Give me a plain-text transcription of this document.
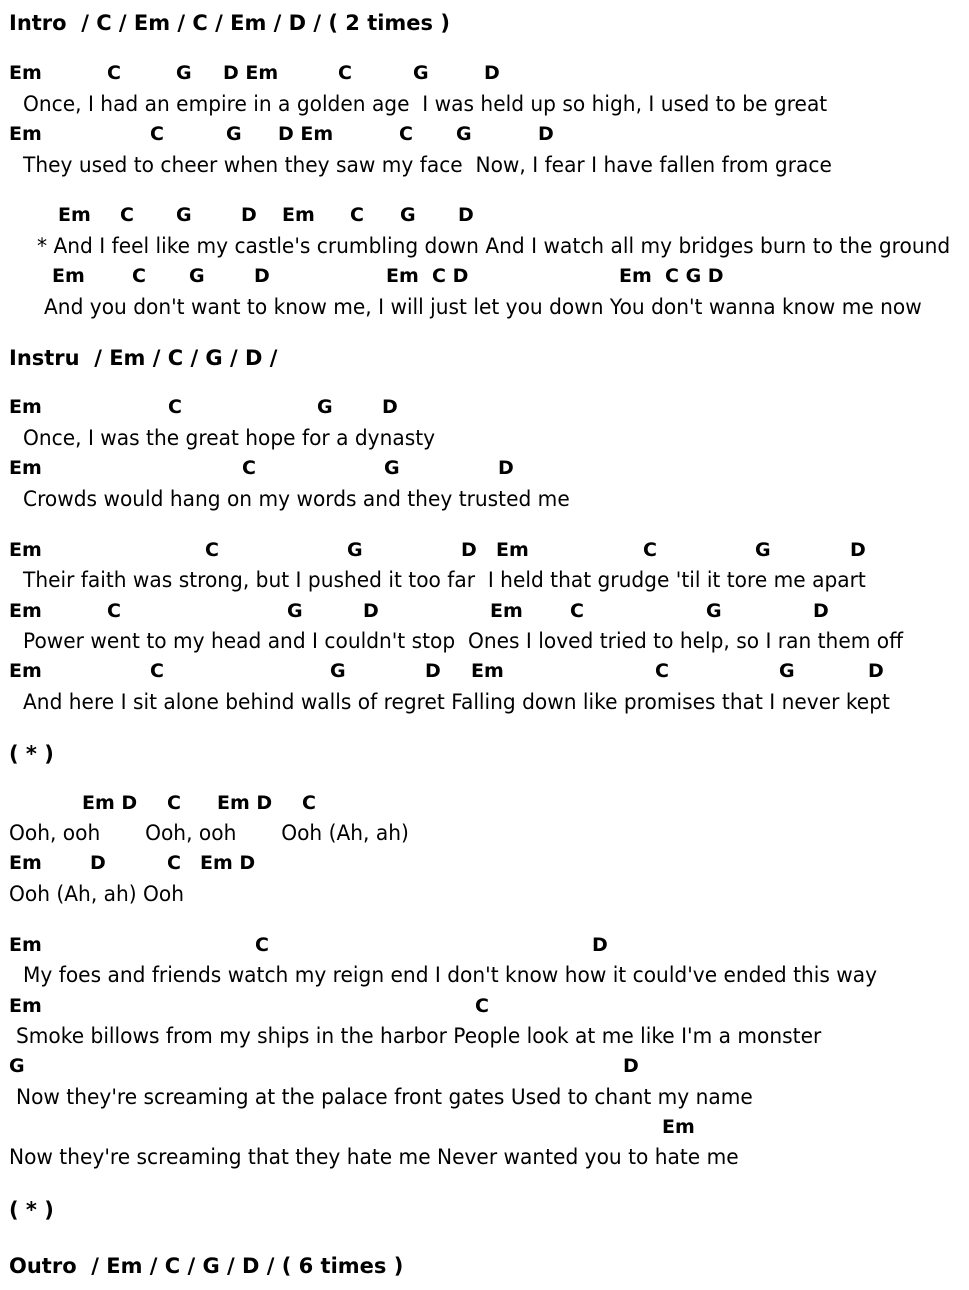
Intro  / C / Em / C / Em / D / ( 2 times )
Em	C	G D Em	C	G	D
Once, I had an empire in a golden age  I was held up so high, I used to be great
Em	C	G D Em	C G	D
They used to cheer when they saw my face  Now, I fear I have fallen from grace
Em C G	D Em C G D
* And I feel like my castle's crumbling down And I watch all my bridges burn to the ground
Em C G	D	Em  C D	Em  C G D
And you don't want to know me, I will just let you down You don't wanna know me now
Instru  / Em / C / G / D /
Em	C	G	D
Once, I was the great hope for a dynasty
Em	C	G	D
Crowds would hang on my words and they trusted me
Em	C	G	D Em	C	G	D
Their faith was strong, but I pushed it too far  I held that grudge 'til it tore me apart
Em	C	G	D	Em C	G	D
Power went to my head and I couldn't stop  Ones I loved tried to help, so I ran them off
Em	C	G	D Em	C	G	D
And here I sit alone behind walls of regret Falling down like promises that I never kept
( * )
Em D C Em D C
Ooh, ooh       Ooh, ooh       Ooh (Ah, ah)
Em	D	C Em D
Ooh (Ah, ah) Ooh
Em	C	D
My foes and friends watch my reign end I don't know how it could've ended this way
Em	C
Smoke billows from my ships in the harbor People look at me like I'm a monster
G	D
Now they're screaming at the palace front gates Used to chant my name
Em
Now they're screaming that they hate me Never wanted you to hate me
( * )
Outro  / Em / C / G / D / ( 6 times )
